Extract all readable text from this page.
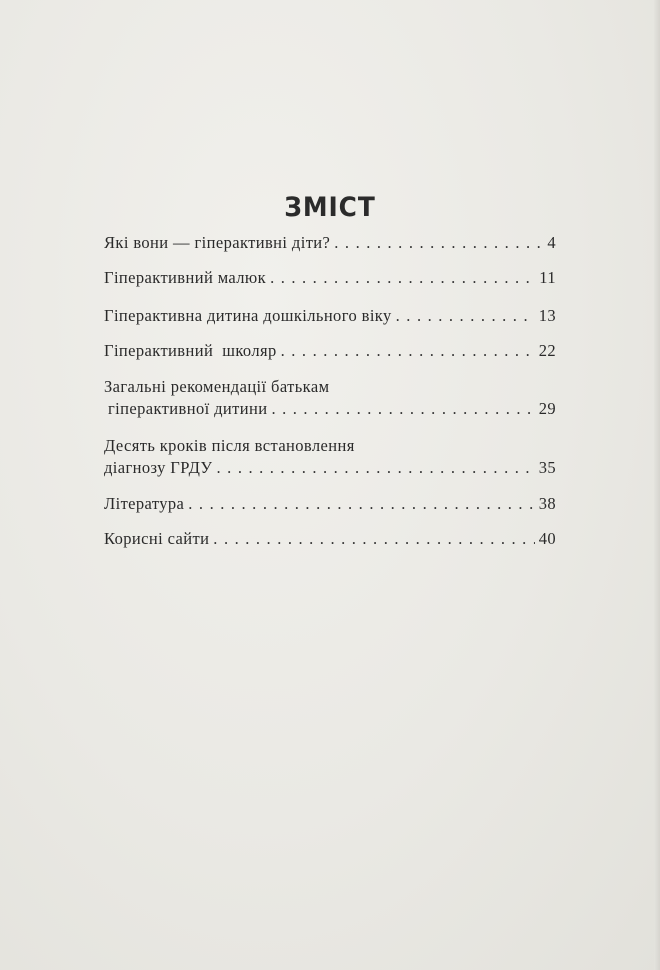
ЗМІСТ
Які вони — гіперактивні діти? . . .	4
Гіперактивний малюк . . .	11
Гіперактивна дитина дошкільного віку . . .	13
Гіперактивний  школяр . . .	22
Загальні рекомендації батькам
гіперактивної дитини . . .	29
Десять кроків після встановлення
діагнозу ГРДУ . . .	35
Література . . .	38
Корисні сайти . . .	40
